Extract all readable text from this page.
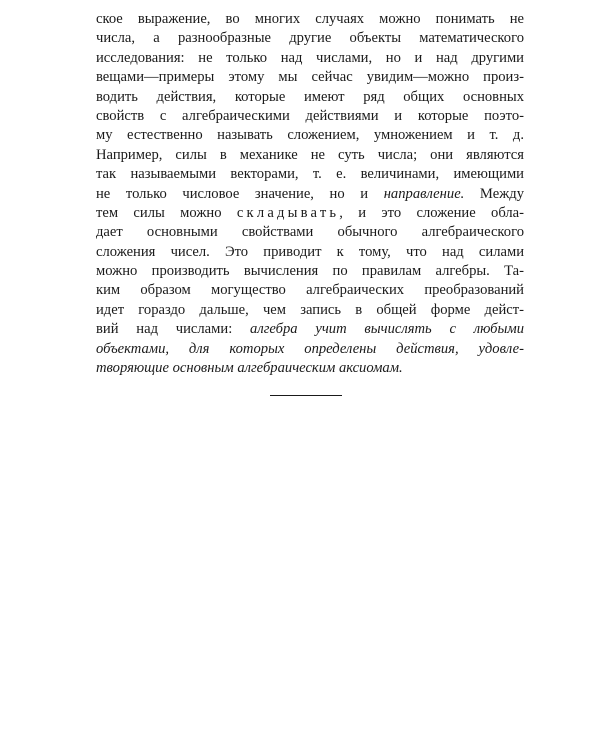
ское выражение, во многих случаях можно понимать не
числа, а разнообразные другие объекты математического
исследования: не только над числами, но и над другими
вещами—примеры этому мы сейчас увидим—можно произ-
водить действия, которые имеют ряд общих основных
свойств с алгебраическими действиями и которые поэто-
му естественно называть сложением, умножением и т. д.
Например, силы в механике не суть числа; они являются
так называемыми векторами, т. е. величинами, имеющими
не только числовое значение, но и направление. Между
тем силы можно складывать, и это сложение обла-
дает основными свойствами обычного алгебраического
сложения чисел. Это приводит к тому, что над силами
можно производить вычисления по правилам алгебры. Та-
ким образом могущество алгебраических преобразований
идет гораздо дальше, чем запись в общей форме дейст-
вий над числами: алгебра учит вычислять с любыми
объектами, для которых определены действия, удовле-
творяющие основным алгебраическим аксиомам.
